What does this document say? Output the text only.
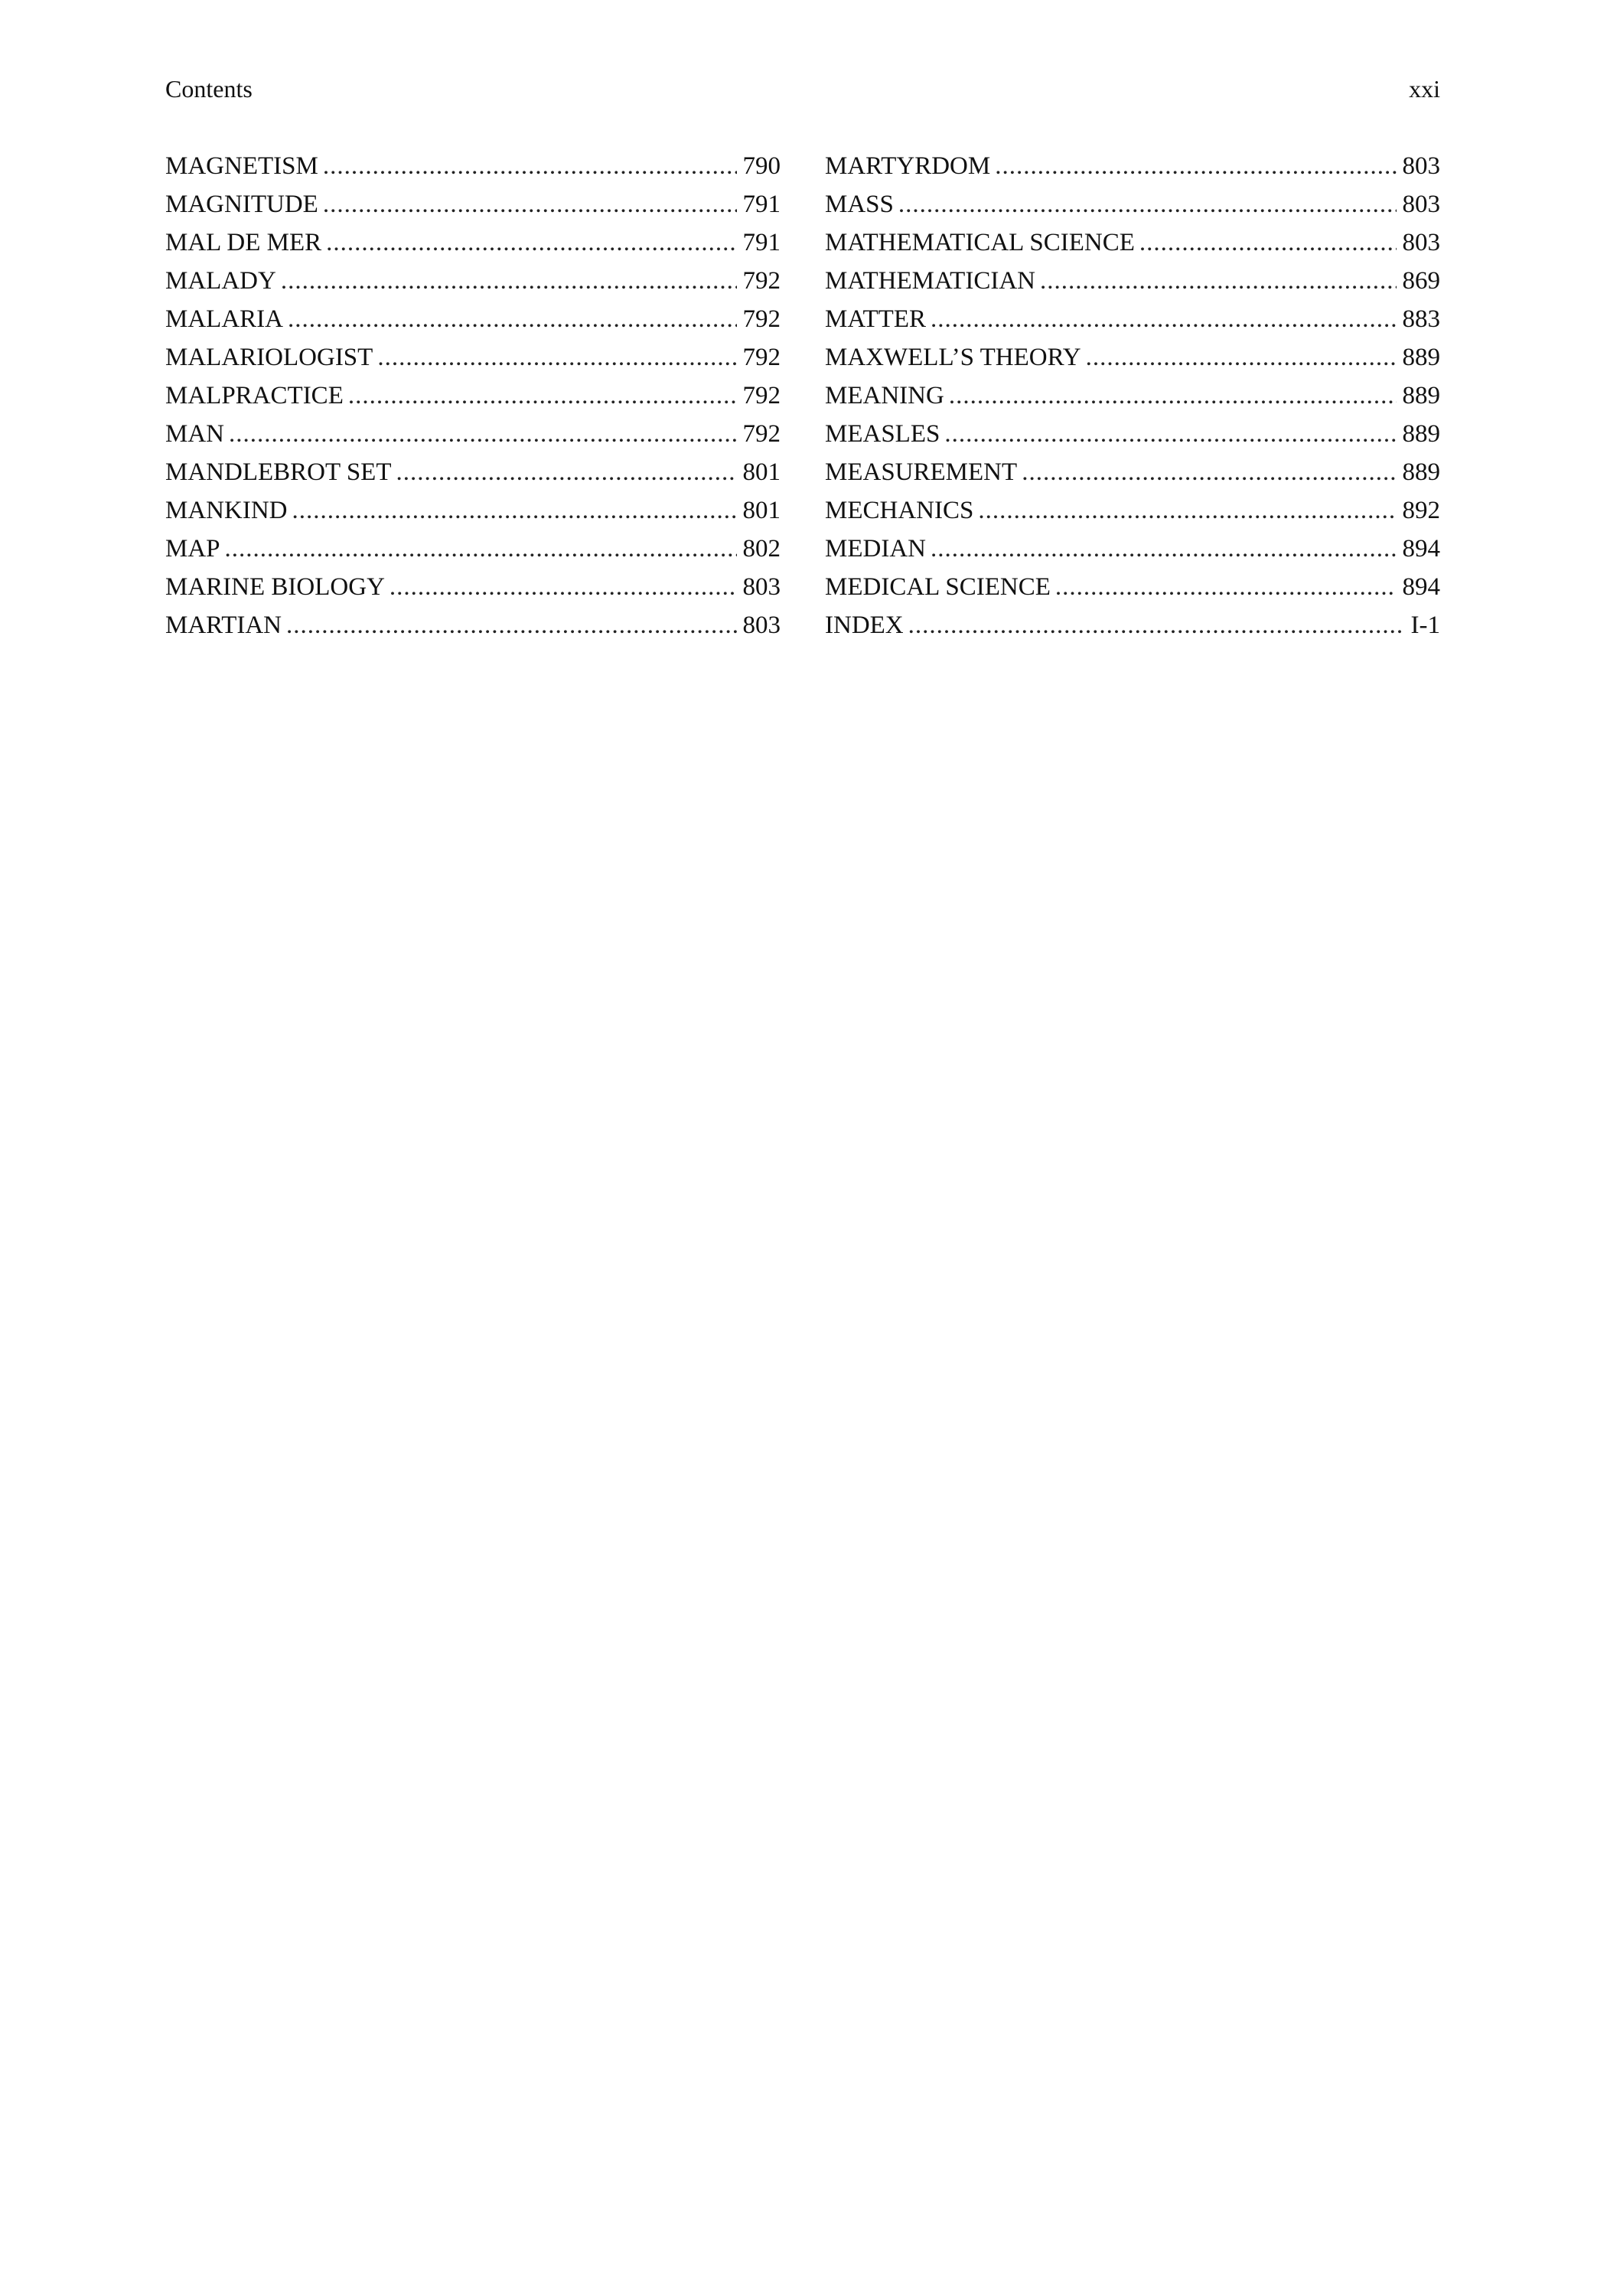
Contents	xxi
MAGNETISM .....	790
MAGNITUDE .....	791
MAL DE MER .....	791
MALADY .....	792
MALARIA .....	792
MALARIOLOGIST .....	792
MALPRACTICE .....	792
MAN .....	792
MANDLEBROT SET .....	801
MANKIND .....	801
MAP .....	802
MARINE BIOLOGY .....	803
MARTIAN .....	803
MARTYRDOM .....	803
MASS .....	803
MATHEMATICAL SCIENCE .....	803
MATHEMATICIAN .....	869
MATTER .....	883
MAXWELL’S THEORY .....	889
MEANING .....	889
MEASLES .....	889
MEASUREMENT .....	889
MECHANICS .....	892
MEDIAN .....	894
MEDICAL SCIENCE .....	894
INDEX .....	I-1
